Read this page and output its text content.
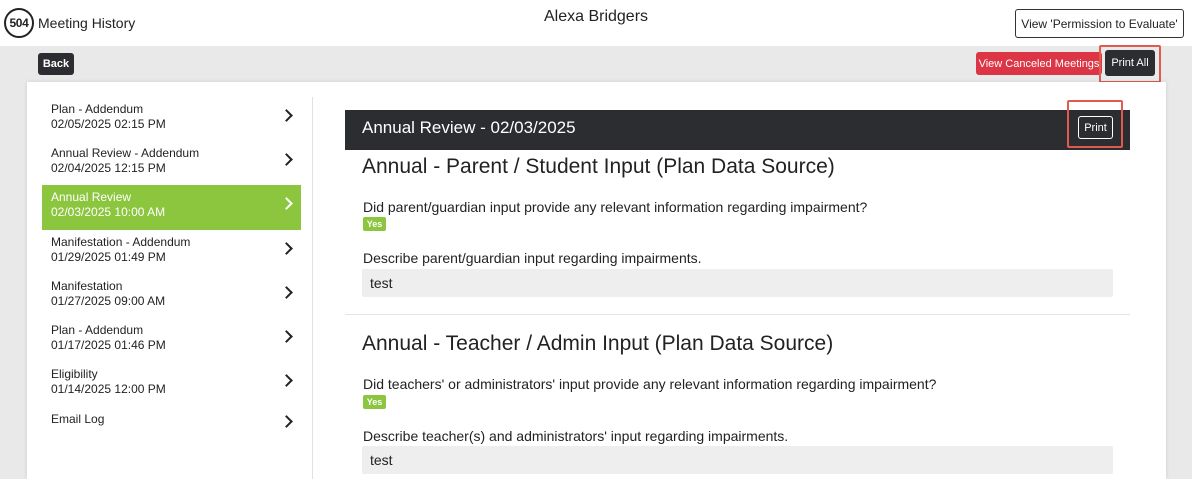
504 Meeting History	Alexa Bridgers	View 'Permission to Evaluate'
Back	View Canceled Meetings	Print All
Plan - Addendum
02/05/2025 02:15 PM
Annual Review - Addendum
02/04/2025 12:15 PM
Annual Review
02/03/2025 10:00 AM
Manifestation - Addendum
01/29/2025 01:49 PM
Manifestation
01/27/2025 09:00 AM
Plan - Addendum
01/17/2025 01:46 PM
Eligibility
01/14/2025 12:00 PM
Email Log
Annual Review - 02/03/2025	Print
Annual - Parent / Student Input (Plan Data Source)
Did parent/guardian input provide any relevant information regarding impairment?
Yes
Describe parent/guardian input regarding impairments.
test
Annual - Teacher / Admin Input (Plan Data Source)
Did teachers' or administrators' input provide any relevant information regarding impairment?
Yes
Describe teacher(s) and administrators' input regarding impairments.
test
